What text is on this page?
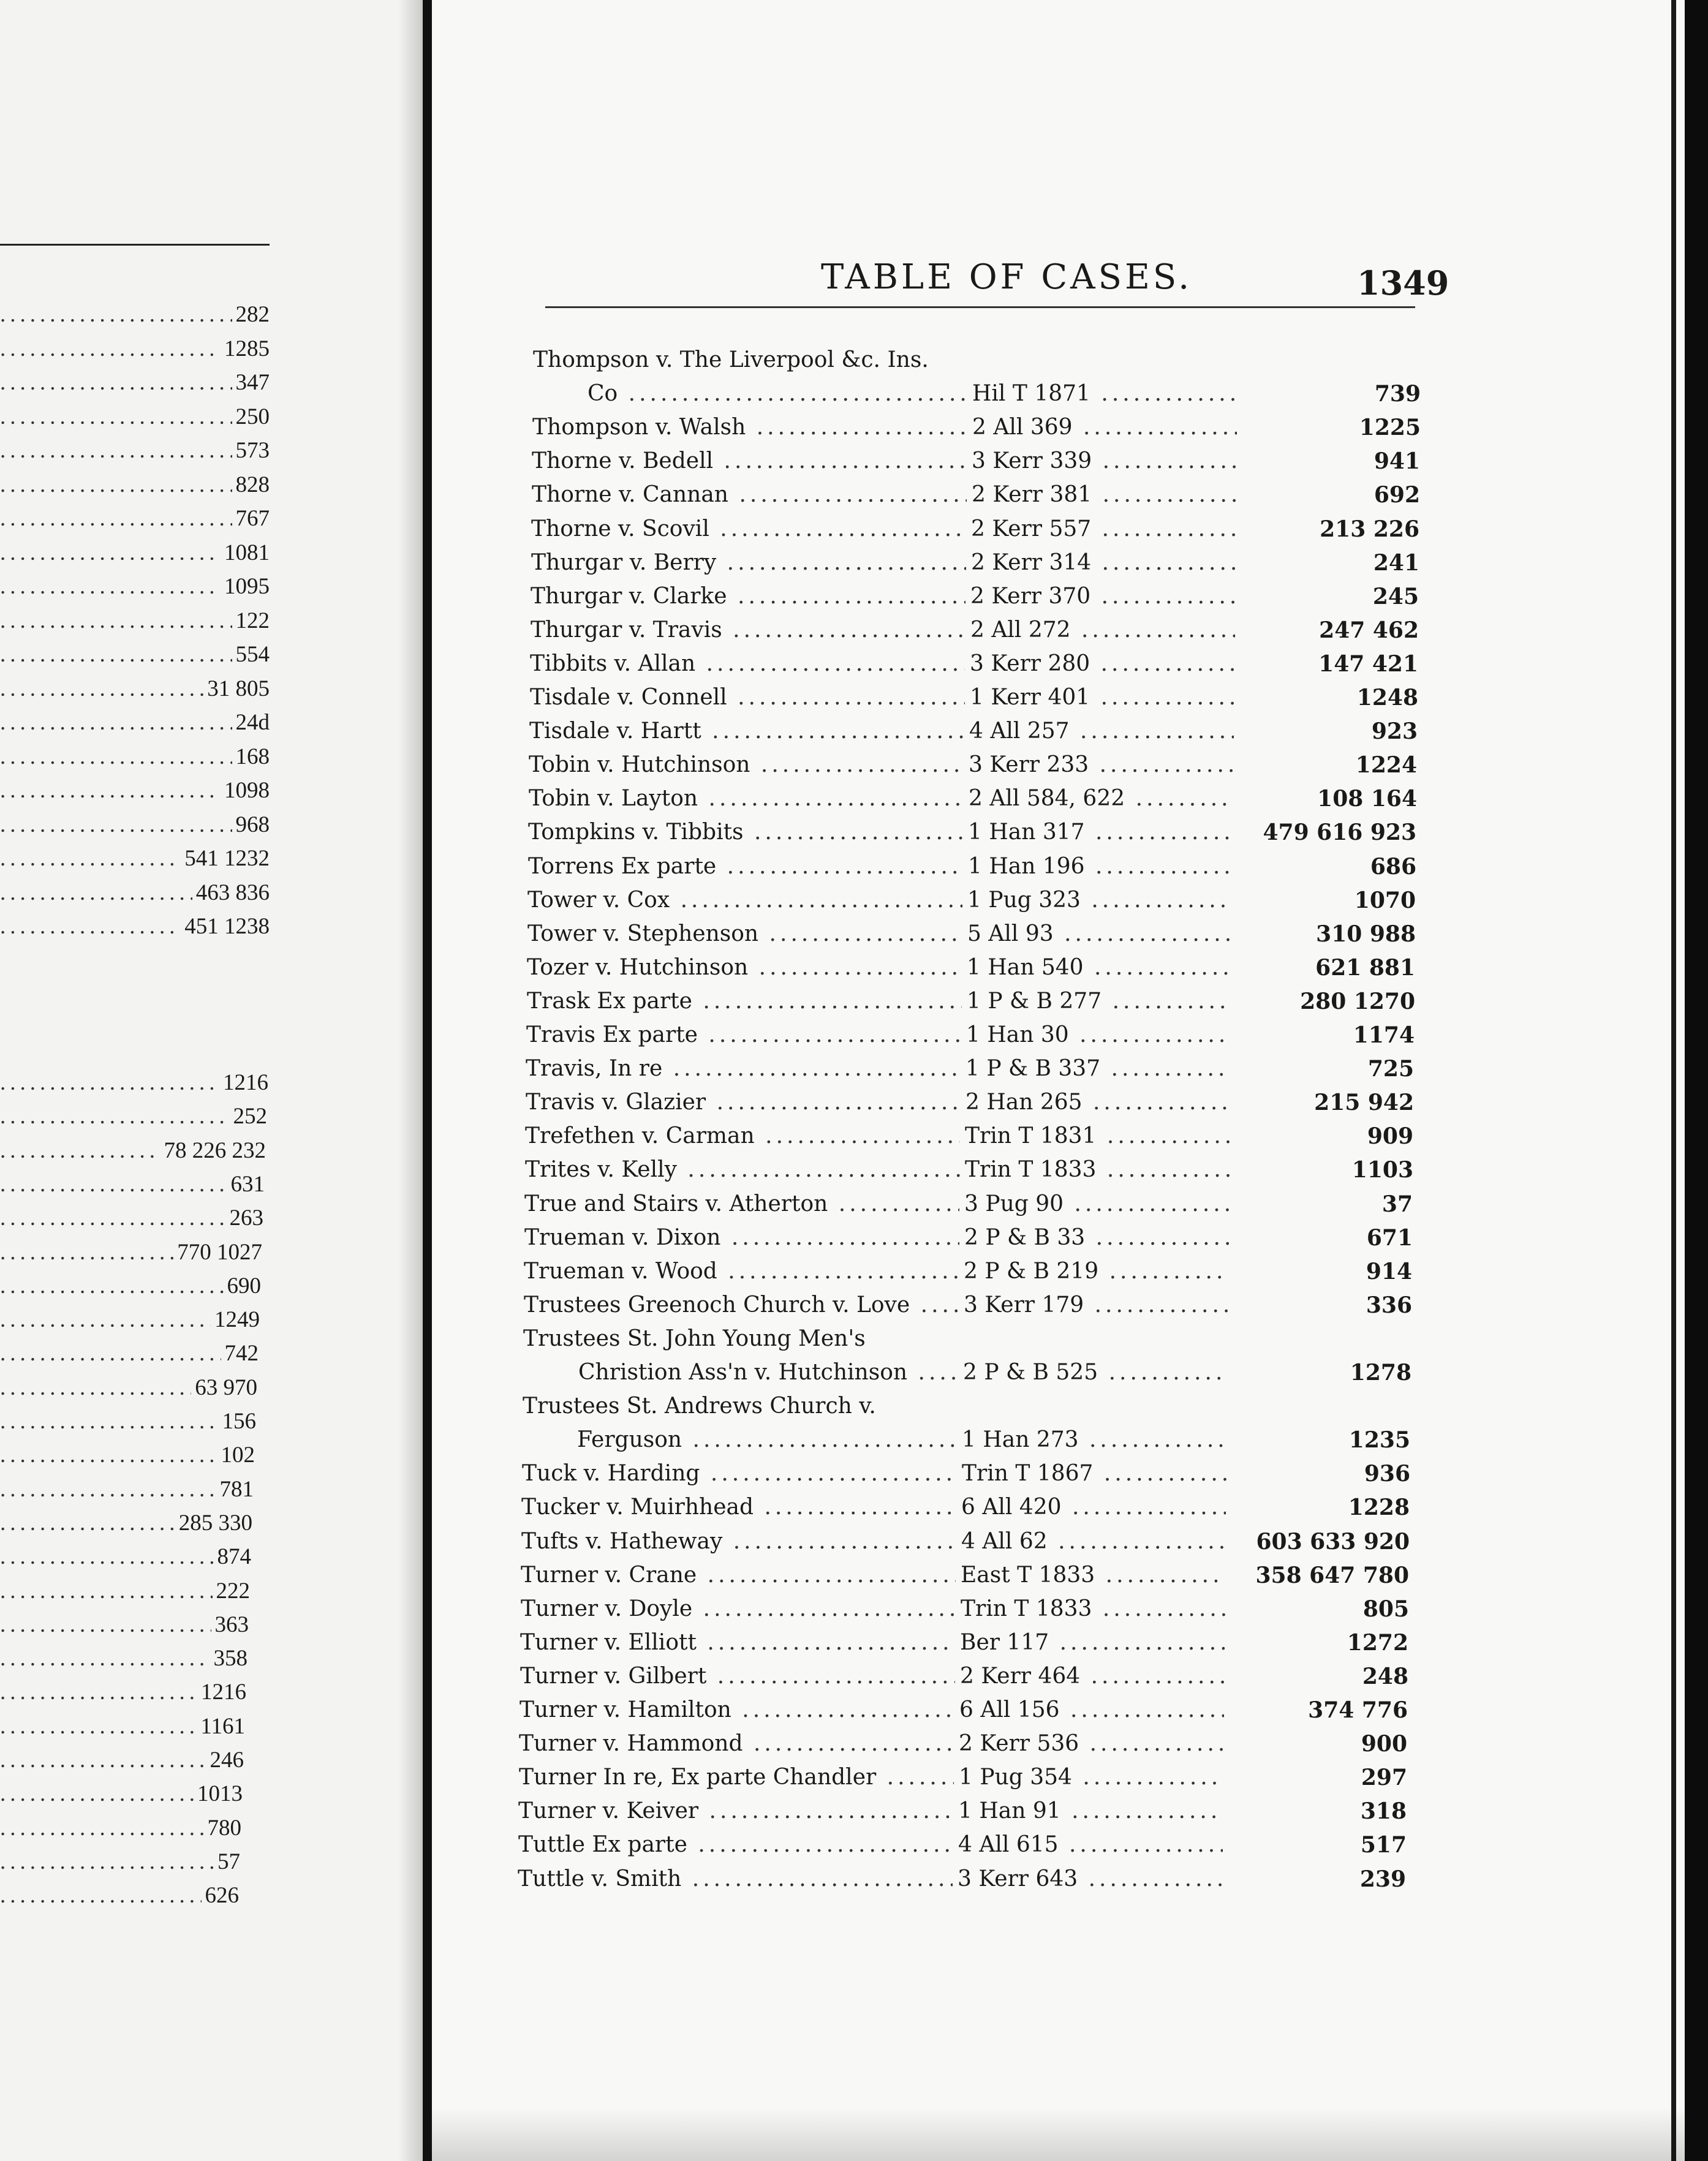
..... 282
..... 1285
..... 347
..... 250
..... 573
..... 828
..... 767
..... 1081
..... 1095
..... 122
..... 554
..... 31 805
..... 24d
..... 168
..... 1098
..... 968
..... 541 1232
..... 463 836
..... 451 1238
..... 1216
..... 252
..... 78 226 232
..... 631
..... 263
..... 770 1027
..... 690
..... 1249
..... 742
..... 63 970
..... 156
..... 102
..... 781
..... 285 330
..... 874
..... 222
..... 363
..... 358
..... 1216
..... 1161
..... 246
..... 1013
..... 780
..... 57
..... 626
TABLE OF CASES.	1349
Thompson v. The Liverpool &c. Ins.
Co .....	Hil T 1871 .....	739
Thompson v. Walsh .....	2 All 369 .....	1225
Thorne v. Bedell .....	3 Kerr 339 .....	941
Thorne v. Cannan .....	2 Kerr 381 .....	692
Thorne v. Scovil .....	2 Kerr 557 .....	213 226
Thurgar v. Berry .....	2 Kerr 314 .....	241
Thurgar v. Clarke .....	2 Kerr 370 .....	245
Thurgar v. Travis .....	2 All 272 .....	247 462
Tibbits v. Allan .....	3 Kerr 280 .....	147 421
Tisdale v. Connell .....	1 Kerr 401 .....	1248
Tisdale v. Hartt .....	4 All 257 .....	923
Tobin v. Hutchinson .....	3 Kerr 233 .....	1224
Tobin v. Layton .....	2 All 584, 622 .....	108 164
Tompkins v. Tibbits .....	1 Han 317 .....	479 616 923
Torrens Ex parte .....	1 Han 196 .....	686
Tower v. Cox .....	1 Pug 323 .....	1070
Tower v. Stephenson .....	5 All 93 .....	310 988
Tozer v. Hutchinson .....	1 Han 540 .....	621 881
Trask Ex parte .....	1 P & B 277 .....	280 1270
Travis Ex parte .....	1 Han 30 .....	1174
Travis, In re .....	1 P & B 337 .....	725
Travis v. Glazier .....	2 Han 265 .....	215 942
Trefethen v. Carman .....	Trin T 1831 .....	909
Trites v. Kelly .....	Trin T 1833 .....	1103
True and Stairs v. Atherton .....	3 Pug 90 .....	37
Trueman v. Dixon .....	2 P & B 33 .....	671
Trueman v. Wood .....	2 P & B 219 .....	914
Trustees Greenoch Church v. Love .....	3 Kerr 179 .....	336
Trustees St. John Young Men's
Christion Ass'n v. Hutchinson .....	2 P & B 525 .....	1278
Trustees St. Andrews Church v.
Ferguson .....	1 Han 273 .....	1235
Tuck v. Harding .....	Trin T 1867 .....	936
Tucker v. Muirhhead .....	6 All 420 .....	1228
Tufts v. Hatheway .....	4 All 62 .....	603 633 920
Turner v. Crane .....	East T 1833 .....	358 647 780
Turner v. Doyle .....	Trin T 1833 .....	805
Turner v. Elliott .....	Ber 117 .....	1272
Turner v. Gilbert .....	2 Kerr 464 .....	248
Turner v. Hamilton .....	6 All 156 .....	374 776
Turner v. Hammond .....	2 Kerr 536 .....	900
Turner In re, Ex parte Chandler .....	1 Pug 354 .....	297
Turner v. Keiver .....	1 Han 91 .....	318
Tuttle Ex parte .....	4 All 615 .....	517
Tuttle v. Smith .....	3 Kerr 643 .....	239
